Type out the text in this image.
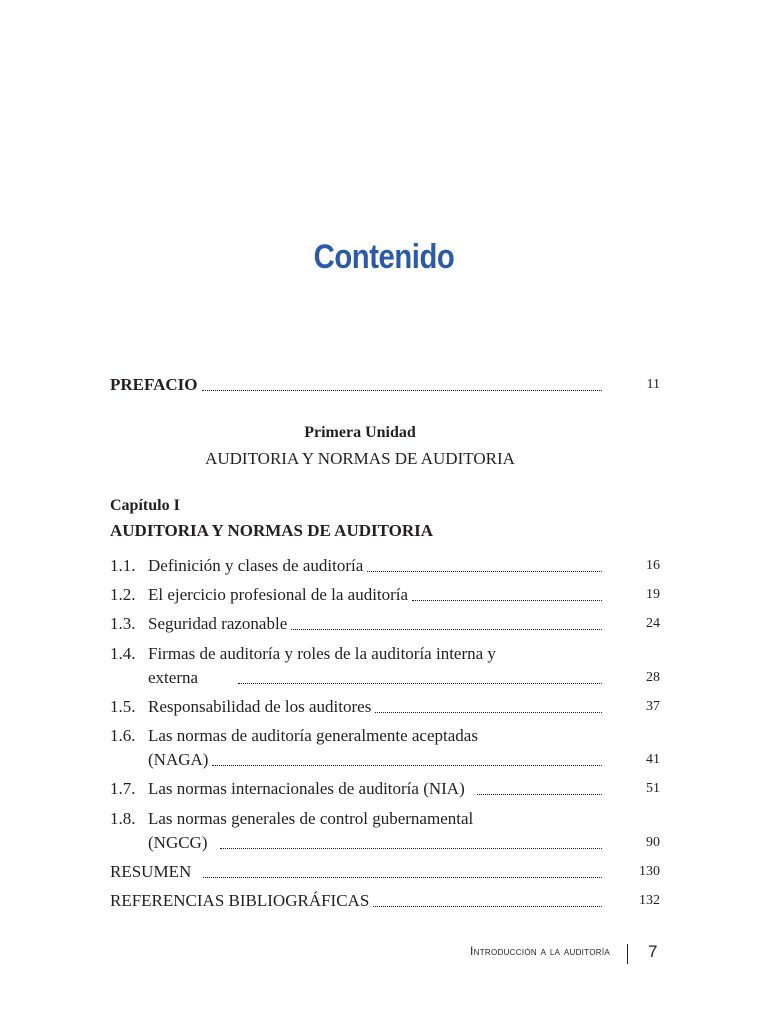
Contenido
PREFACIO	11
Primera Unidad
AUDITORIA Y NORMAS DE AUDITORIA
Capítulo I
AUDITORIA Y NORMAS DE AUDITORIA
1.1. Definición y clases de auditoría	16
1.2. El ejercicio profesional de la auditoría	19
1.3. Seguridad razonable	24
1.4. Firmas de auditoría y roles de la auditoría interna y
externa	28
1.5. Responsabilidad de los auditores	37
1.6. Las normas de auditoría generalmente aceptadas
(NAGA)	41
1.7. Las normas internacionales de auditoría (NIA)	51
1.8. Las normas generales de control gubernamental
(NGCG)	90
RESUMEN	130
REFERENCIAS BIBLIOGRÁFICAS	132
Introducción a la auditoría 7
